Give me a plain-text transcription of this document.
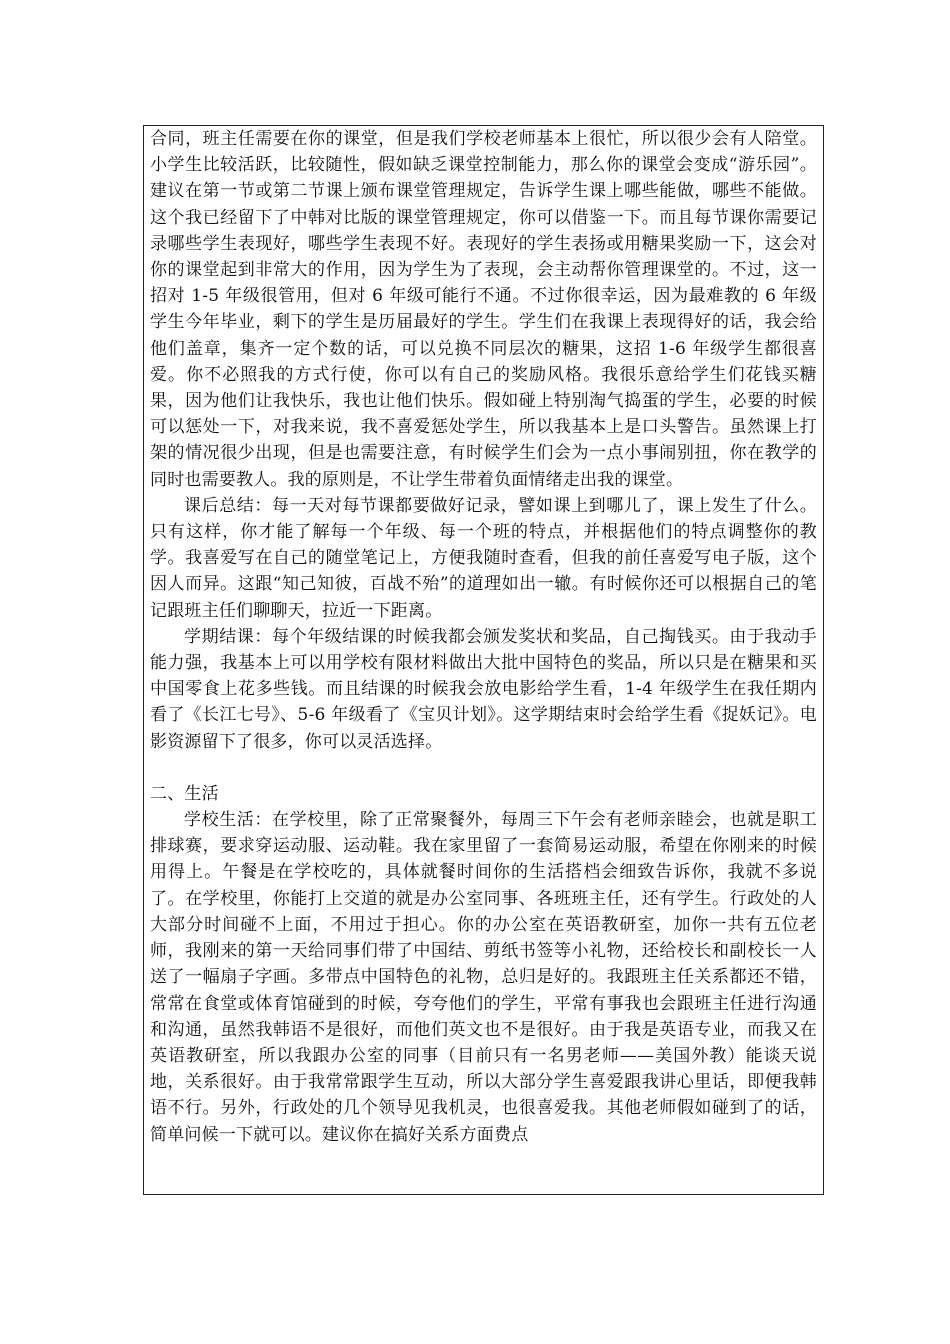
合同，班主任需要在你的课堂，但是我们学校老师基本上很忙，所以很少会有人陪堂。小学生比较活跃，比较随性，假如缺乏课堂控制能力，那么你的课堂会变成“游乐园”。建议在第一节或第二节课上颁布课堂管理规定，告诉学生课上哪些能做，哪些不能做。这个我已经留下了中韩对比版的课堂管理规定，你可以借鉴一下。而且每节课你需要记录哪些学生表现好，哪些学生表现不好。表现好的学生表扬或用糖果奖励一下，这会对你的课堂起到非常大的作用，因为学生为了表现，会主动帮你管理课堂的。不过，这一招对 1-5 年级很管用，但对 6 年级可能行不通。不过你很幸运，因为最难教的 6 年级学生今年毕业，剩下的学生是历届最好的学生。学生们在我课上表现得好的话，我会给他们盖章，集齐一定个数的话，可以兑换不同层次的糖果，这招 1-6 年级学生都很喜爱。你不必照我的方式行使，你可以有自己的奖励风格。我很乐意给学生们花钱买糖果，因为他们让我快乐，我也让他们快乐。假如碰上特别淘气捣蛋的学生，必要的时候可以惩处一下，对我来说，我不喜爱惩处学生，所以我基本上是口头警告。虽然课上打架的情况很少出现，但是也需要注意，有时候学生们会为一点小事闹别扭，你在教学的同时也需要教人。我的原则是，不让学生带着负面情绪走出我的课堂。

课后总结：每一天对每节课都要做好记录，譬如课上到哪儿了，课上发生了什么。只有这样，你才能了解每一个年级、每一个班的特点，并根据他们的特点调整你的教学。我喜爱写在自己的随堂笔记上，方便我随时查看，但我的前任喜爱写电子版，这个因人而异。这跟“知己知彼，百战不殆”的道理如出一辙。有时候你还可以根据自己的笔记跟班主任们聊聊天，拉近一下距离。

学期结课：每个年级结课的时候我都会颁发奖状和奖品，自己掏钱买。由于我动手能力强，我基本上可以用学校有限材料做出大批中国特色的奖品，所以只是在糖果和买中国零食上花多些钱。而且结课的时候我会放电影给学生看，1-4 年级学生在我任期内看了《长江七号》、5-6 年级看了《宝贝计划》。这学期结束时会给学生看《捉妖记》。电影资源留下了很多，你可以灵活选择。

二、生活

学校生活：在学校里，除了正常聚餐外，每周三下午会有老师亲睦会，也就是职工排球赛，要求穿运动服、运动鞋。我在家里留了一套简易运动服，希望在你刚来的时候用得上。午餐是在学校吃的，具体就餐时间你的生活搭档会细致告诉你，我就不多说了。在学校里，你能打上交道的就是办公室同事、各班班主任，还有学生。行政处的人大部分时间碰不上面，不用过于担心。你的办公室在英语教研室，加你一共有五位老师，我刚来的第一天给同事们带了中国结、剪纸书签等小礼物，还给校长和副校长一人送了一幅扇子字画。多带点中国特色的礼物，总归是好的。我跟班主任关系都还不错，常常在食堂或体育馆碰到的时候，夸夸他们的学生，平常有事我也会跟班主任进行沟通和沟通，虽然我韩语不是很好，而他们英文也不是很好。由于我是英语专业，而我又在英语教研室，所以我跟办公室的同事（目前只有一名男老师——美国外教）能谈天说地，关系很好。由于我常常跟学生互动，所以大部分学生喜爱跟我讲心里话，即便我韩语不行。另外，行政处的几个领导见我机灵，也很喜爱我。其他老师假如碰到了的话，简单问候一下就可以。建议你在搞好关系方面费点
